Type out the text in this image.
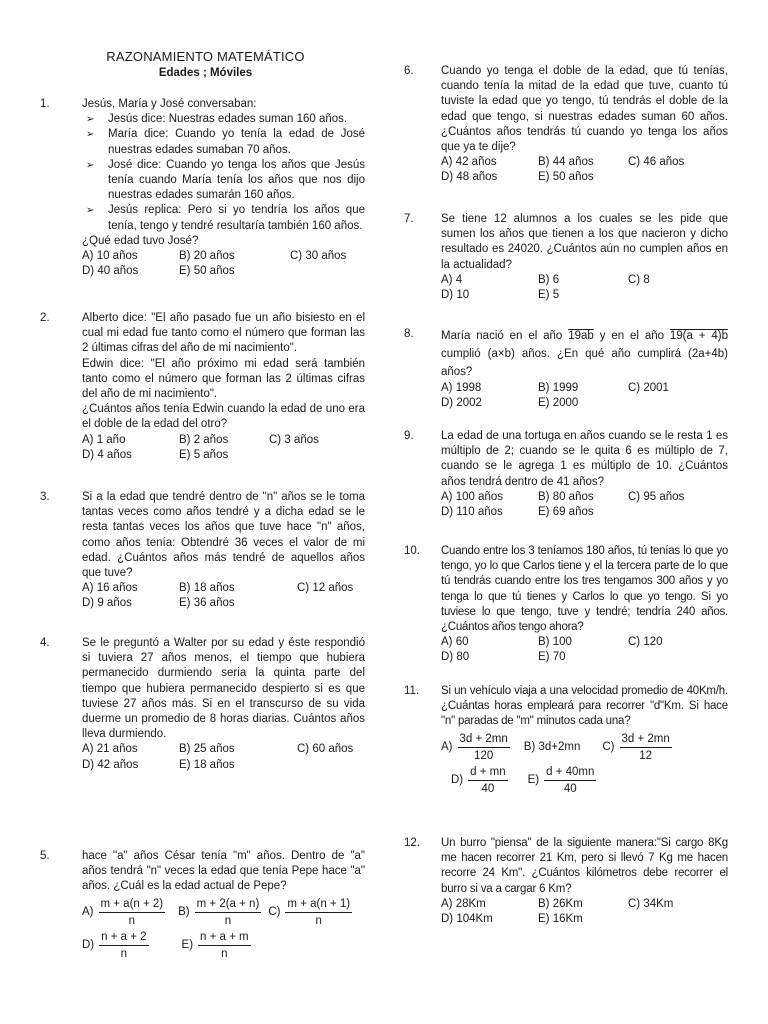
RAZONAMIENTO MATEMÁTICO
Edades ; Móviles
1.	Jesús, María y José conversaban:

➢	Jesús dice: Nuestras edades suman 160 años.
➢	María dice: Cuando yo tenía la edad de José nuestras edades sumaban 70 años.
➢	José dice: Cuando yo tenga los años que Jesús tenía cuando María tenía los años que nos dijo nuestras edades sumarán 160 años.
➢	Jesús replica: Pero si yo tendría los años que tenía, tengo y tendré resultaría también 160 años.

¿Qué edad tuvo José?

A) 10 años	B) 20 años	C) 30 años
D) 40 años	E) 50 años
2.	Alberto dice: "El año pasado fue un año bisiesto en el cual mi edad fue tanto como el número que forman las 2 últimas cifras del año de mi nacimiento".

Edwin dice: "El año próximo mi edad será también tanto como el número que forman las 2 últimas cifras del año de mi nacimiento".

¿Cuántos años tenía Edwin cuando la edad de uno era el doble de la edad del otro?

A) 1 año	B) 2 años	C) 3 años
D) 4 años	E) 5 años
3.	Si a la edad que tendré dentro de "n" años se le toma tantas veces como años tendré y a dicha edad se le resta tantas veces los años que tuve hace "n" años, como años tenía: Obtendré 36 veces el valor de mi edad. ¿Cuántos años más tendré de aquellos años que tuve?

A) 16 años	B) 18 años	C) 12 años
D) 9 años	E) 36 años
4.	Se le preguntó a Walter por su edad y éste respondió si tuviera 27 años menos, el tiempo que hubiera permanecido durmiendo seria la quinta parte del tiempo que hubiera permanecido despierto si es que tuviese 27 años más. Si en el transcurso de su vida duerme un promedio de 8 horas diarias. Cuántos años lleva durmiendo.

A) 21 años	B) 25 años	C) 60 años
D) 42 años	E) 18 años
5.	hace "a" años César tenía "m" años. Dentro de "a" años tendrá "n" veces la edad que tenía Pepe hace "a" años. ¿Cuál es la edad actual de Pepe?

$A) \frac{m + a(n + 2)}{n} B) \frac{m + 2(a + n)}{n} C) \frac{m + a(n + 1)}{n}$
$D) \frac{n + a + 2}{n}$	$E) \frac{n + a + m}{n}$
6. Cuando yo tenga el doble de la edad, que tú tenías, cuando tenía la mitad de la edad que tuve, cuanto tú tuviste la edad que yo tengo, tú tendrás el doble de la edad que tengo, si nuestras edades suman 60 años. ¿Cuántos años tendrás tú cuando yo tenga los años que ya te dije?

A) 42 años	B) 44 años	C) 46 años
D) 48 años	E) 50 años
7. Se tiene 12 alumnos a los cuales se les pide que sumen los años que tienen a los que nacieron y dicho resultado es 24020. ¿Cuántos aún no cumplen años en la actualidad?

A) 4	B) 6	C) 8
D) 10	E) 5
8. María nació en el año 19ab y en el año 19(a + 4)b cumplió (a×b) años. ¿En qué año cumplirá (2a+4b) años?

A) 1998	B) 1999	C) 2001
D) 2002	E) 2000
9. La edad de una tortuga en años cuando se le resta 1 es múltiplo de 2; cuando se le quita 6 es múltiplo de 7, cuando se le agrega 1 es múltiplo de 10. ¿Cuántos años tendrá dentro de 41 años?

A) 100 años	B) 80 años	C) 95 años
D) 110 años	E) 69 años
10. Cuando entre los 3 teníamos 180 años, tú tenías lo que yo tengo, yo lo que Carlos tiene y el la tercera parte de lo que tú tendrás cuando entre los tres tengamos 300 años y yo tenga lo que tú tienes y Carlos lo que yo tengo. Si yo tuviese lo que tengo, tuve y tendré; tendría 240 años. ¿Cuántos años tengo ahora?

A) 60	B) 100	C) 120
D) 80	E) 70
11. Si un vehículo viaja a una velocidad promedio de 40Km/h. ¿Cuántas horas empleará para recorrer "d"Km. Si hace "n" paradas de "m" minutos cada una?

$A) \frac{3d + 2mn}{120} B$) 3d+2mn $C) \frac{3d + 2mn}{12}$
$D) \frac{d + mn}{40} E) \frac{d + 40mn}{40}$
12. Un burro "piensa" de la siguiente manera:"Si cargo 8Kg me hacen recorrer 21 Km, pero si llevó 7 Kg me hacen recorre 24 Km". ¿Cuántos kilómetros debe recorrer el burro si va a cargar 6 Km?

A) 28Km	B) 26Km	C) 34Km
D) 104Km	E) 16Km
